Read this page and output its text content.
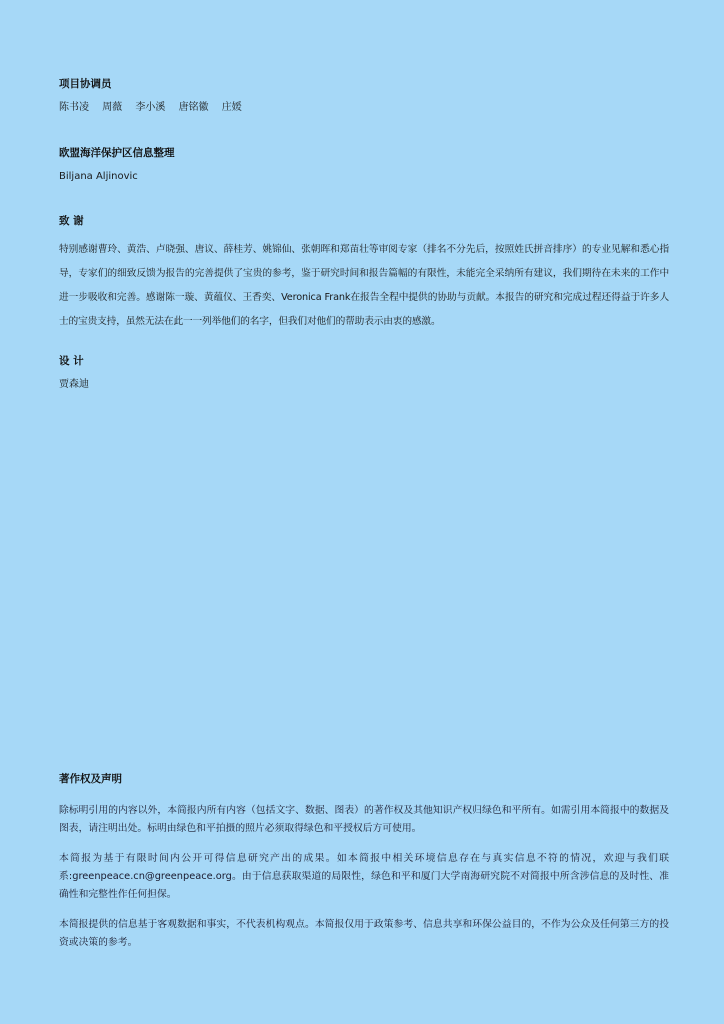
项目协调员
陈书凌 周薇 李小溪 唐铭徽 庄媛
欧盟海洋保护区信息整理
Biljana Aljinovic
致 谢

特别感谢曹玲、黄浩、卢晓强、唐议、薛桂芳、姚锦仙、张朝晖和郑苗壮等审阅专家（排名不分先后，按照姓氏拼音排序）的专业见解和悉心指导，专家们的细致反馈为报告的完善提供了宝贵的参考，鉴于研究时间和报告篇幅的有限性，未能完全采纳所有建议，我们期待在未来的工作中进一步吸收和完善。感谢陈一璇、黄蕴仪、王香奕、Veronica Frank在报告全程中提供的协助与贡献。本报告的研究和完成过程还得益于许多人士的宝贵支持，虽然无法在此一一列举他们的名字，但我们对他们的帮助表示由衷的感激。

设 计
贾森迪
著作权及声明

除标明引用的内容以外，本简报内所有内容（包括文字、数据、图表）的著作权及其他知识产权归绿色和平所有。如需引用本简报中的数据及图表，请注明出处。标明由绿色和平拍摄的照片必须取得绿色和平授权后方可使用。

本简报为基于有限时间内公开可得信息研究产出的成果。如本简报中相关环境信息存在与真实信息不符的情况，欢迎与我们联系:greenpeace.cn@greenpeace.org。由于信息获取渠道的局限性，绿色和平和厦门大学南海研究院不对简报中所含涉信息的及时性、准确性和完整性作任何担保。

本简报提供的信息基于客观数据和事实，不代表机构观点。本简报仅用于政策参考、信息共享和环保公益目的，不作为公众及任何第三方的投资或决策的参考。
